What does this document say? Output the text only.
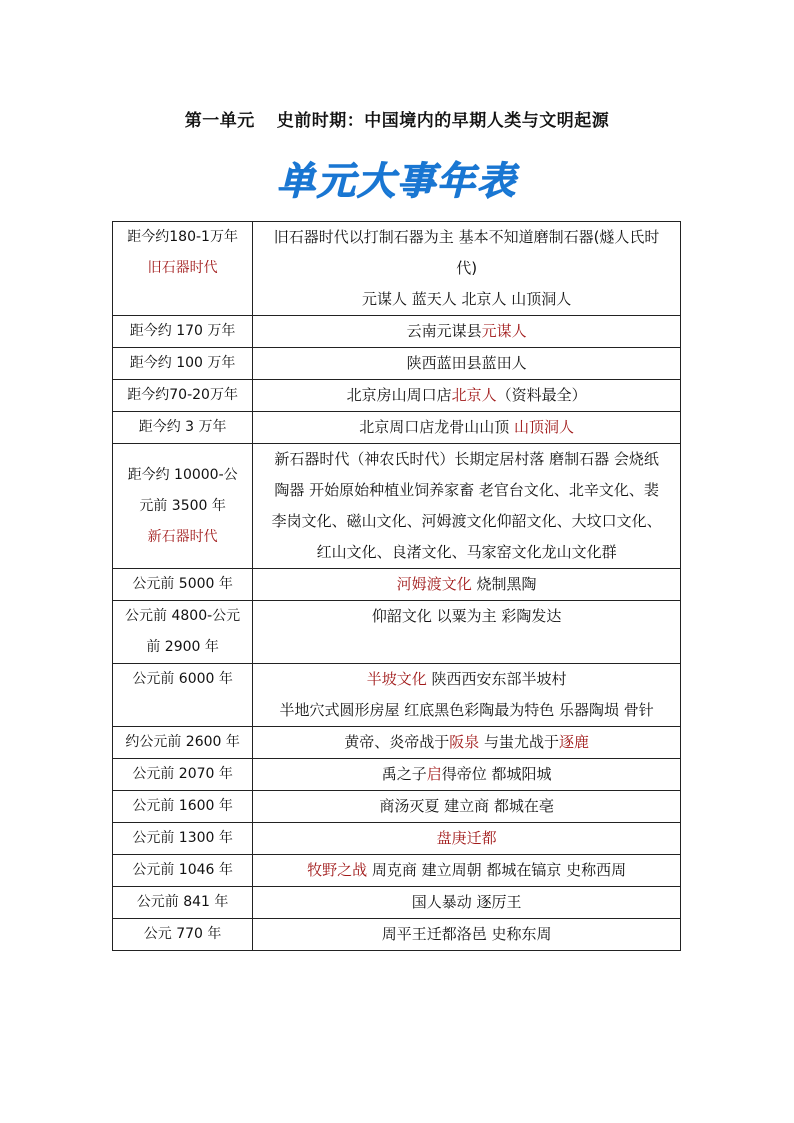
第一单元 史前时期：中国境内的早期人类与文明起源
单元大事年表
距今约180-1万年
旧石器时代	旧石器时代以打制石器为主 基本不知道磨制石器(燧人氏时
代)
元谋人 蓝天人 北京人 山顶洞人

距今约 170 万年	云南元谋县元谋人
距今约 100 万年	陕西蓝田县蓝田人
距今约70-20万年	北京房山周口店北京人（资料最全）
距今约 3 万年	北京周口店龙骨山山顶 山顶洞人

距今约 10000-公
元前 3500 年
新石器时代	新石器时代（神农氏时代）长期定居村落 磨制石器 会烧纸
陶器 开始原始种植业饲养家畜 老官台文化、北辛文化、裴
李岗文化、磁山文化、河姆渡文化仰韶文化、大坟口文化、
红山文化、良渚文化、马家窑文化龙山文化群

公元前 5000 年	河姆渡文化 烧制黑陶

公元前 4800-公元
前 2900 年	仰韶文化 以粟为主 彩陶发达
公元前 6000 年	半坡文化 陕西西安东部半坡村
半地穴式圆形房屋 红底黑色彩陶最为特色 乐器陶埙 骨针

约公元前 2600 年	黄帝、炎帝战于阪泉 与蚩尤战于逐鹿
公元前 2070 年	禹之子启得帝位 都城阳城
公元前 1600 年	商汤灭夏 建立商 都城在亳
公元前 1300 年	盘庚迁都
公元前 1046 年	牧野之战 周克商 建立周朝 都城在镐京 史称西周
公元前 841 年	国人暴动 逐厉王
公元 770 年	周平王迁都洛邑 史称东周
